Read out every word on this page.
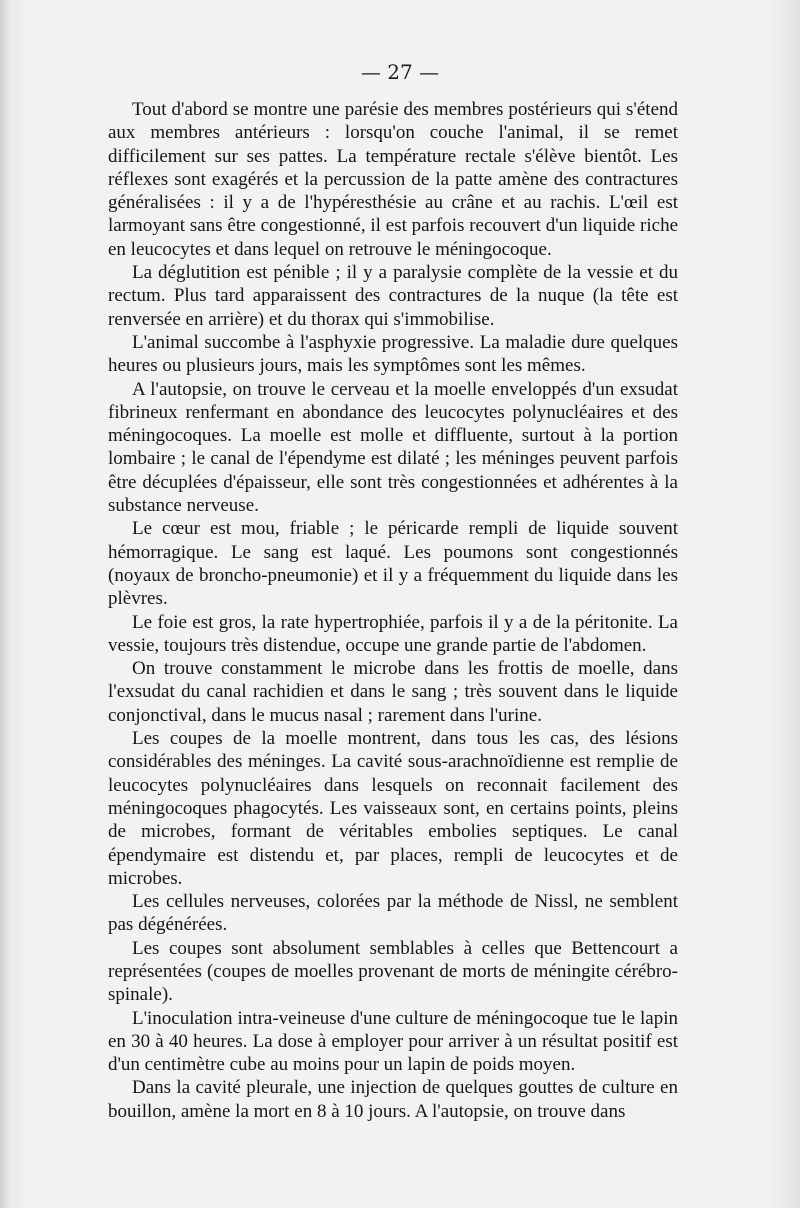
— 27 —

Tout d'abord se montre une parésie des membres postérieurs qui s'étend aux membres antérieurs : lorsqu'on couche l'animal, il se remet difficilement sur ses pattes. La température rectale s'élève bientôt. Les réflexes sont exagérés et la percussion de la patte amène des contractures généralisées : il y a de l'hypéresthésie au crâne et au rachis. L'œil est larmoyant sans être congestionné, il est parfois recouvert d'un liquide riche en leucocytes et dans lequel on retrouve le méningocoque.

La déglutition est pénible ; il y a paralysie complète de la vessie et du rectum. Plus tard apparaissent des contractures de la nuque (la tête est renversée en arrière) et du thorax qui s'immobilise.

L'animal succombe à l'asphyxie progressive. La maladie dure quelques heures ou plusieurs jours, mais les symptômes sont les mêmes.

A l'autopsie, on trouve le cerveau et la moelle enveloppés d'un exsudat fibrineux renfermant en abondance des leucocytes polynucléaires et des méningocoques. La moelle est molle et diffluente, surtout à la portion lombaire ; le canal de l'épendyme est dilaté ; les méninges peuvent parfois être décuplées d'épaisseur, elle sont très congestionnées et adhérentes à la substance nerveuse.

Le cœur est mou, friable ; le péricarde rempli de liquide souvent hémorragique. Le sang est laqué. Les poumons sont congestionnés (noyaux de broncho-pneumonie) et il y a fréquemment du liquide dans les plèvres.

Le foie est gros, la rate hypertrophiée, parfois il y a de la péritonite. La vessie, toujours très distendue, occupe une grande partie de l'abdomen.

On trouve constamment le microbe dans les frottis de moelle, dans l'exsudat du canal rachidien et dans le sang ; très souvent dans le liquide conjonctival, dans le mucus nasal ; rarement dans l'urine.

Les coupes de la moelle montrent, dans tous les cas, des lésions considérables des méninges. La cavité sous-arachnoïdienne est remplie de leucocytes polynucléaires dans lesquels on reconnait facilement des méningocoques phagocytés. Les vaisseaux sont, en certains points, pleins de microbes, formant de véritables embolies septiques. Le canal épendymaire est distendu et, par places, rempli de leucocytes et de microbes.

Les cellules nerveuses, colorées par la méthode de Nissl, ne semblent pas dégénérées.

Les coupes sont absolument semblables à celles que Bettencourt a représentées (coupes de moelles provenant de morts de méningite cérébro-spinale).

L'inoculation intra-veineuse d'une culture de méningocoque tue le lapin en 30 à 40 heures. La dose à employer pour arriver à un résultat positif est d'un centimètre cube au moins pour un lapin de poids moyen.

Dans la cavité pleurale, une injection de quelques gouttes de culture en bouillon, amène la mort en 8 à 10 jours. A l'autopsie, on trouve dans
